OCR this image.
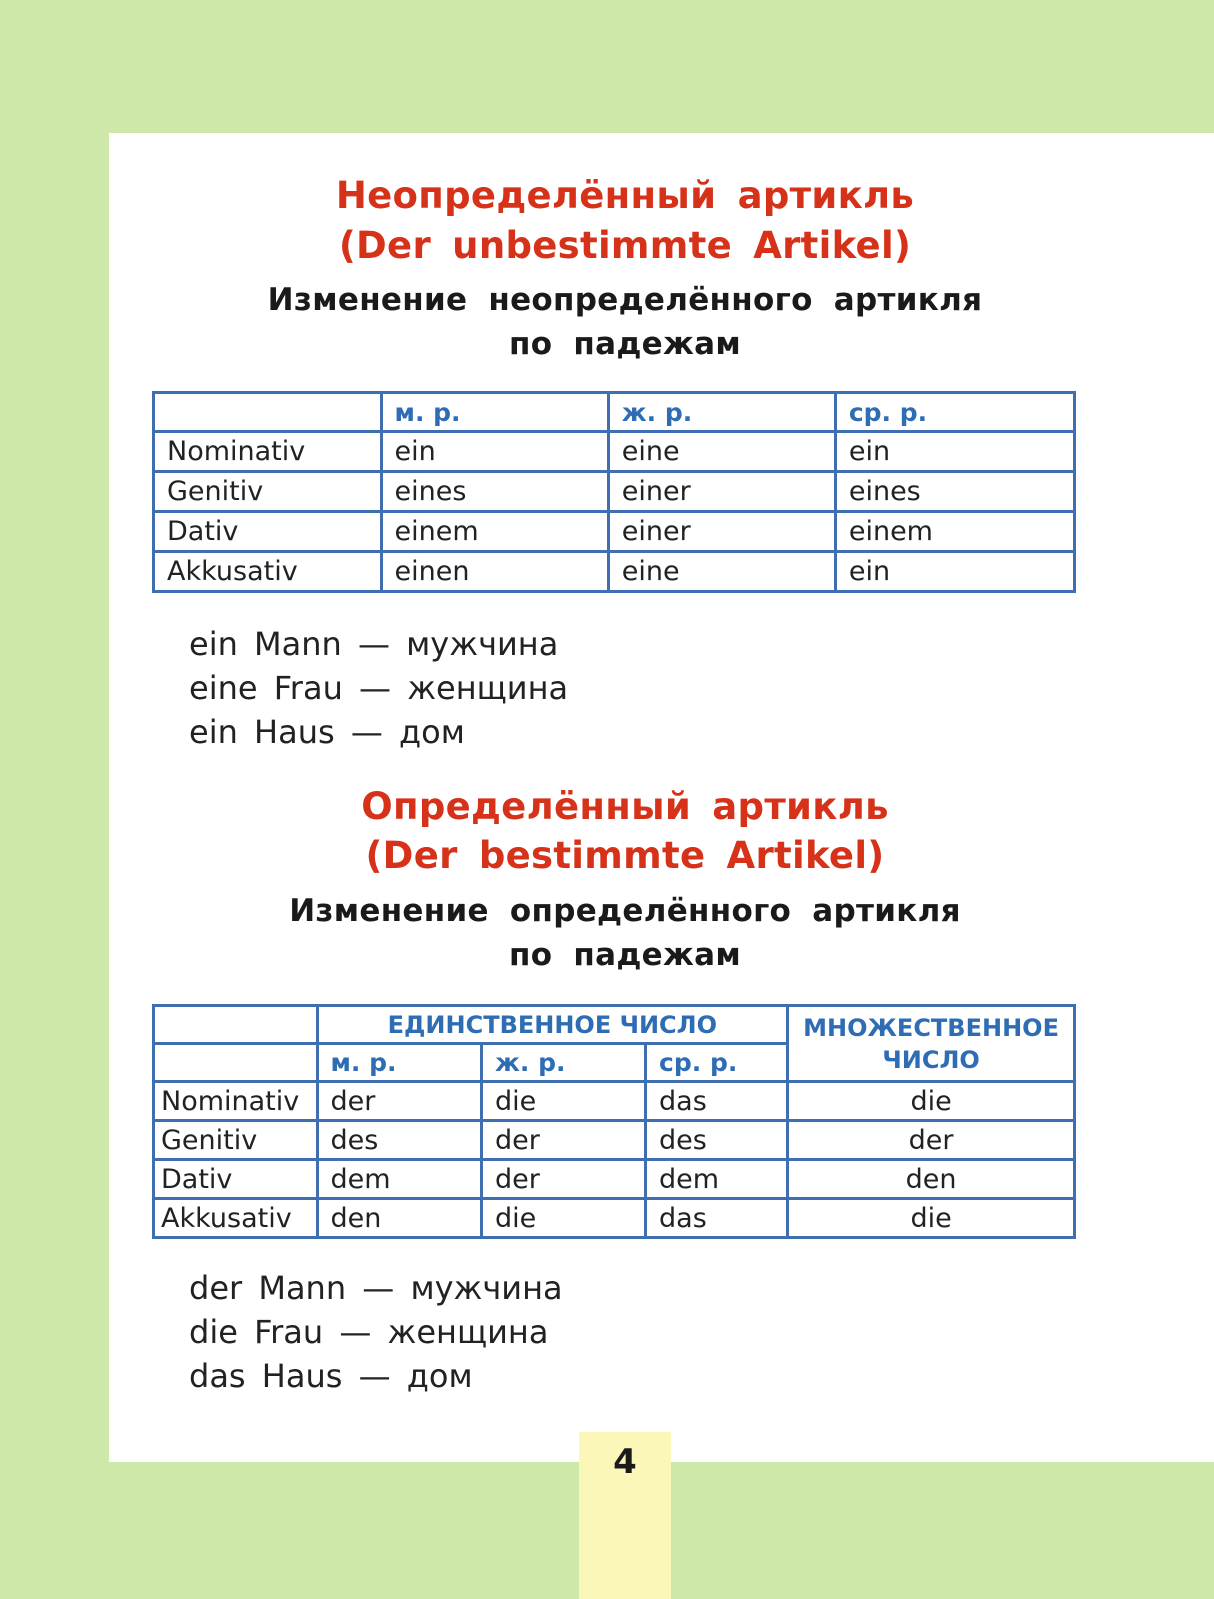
Неопределённый артикль
(Der unbestimmte Artikel)
Изменение неопределённого артикля
по падежам
	м. р.	ж. р.	ср. р.
Nominativ	ein	eine	ein
Genitiv	eines	einer	eines
Dativ	einem	einer	einem
Akkusativ	einen	eine	ein
ein Mann — мужчина
eine Frau — женщина
ein Haus — дом
Определённый артикль
(Der bestimmte Artikel)
Изменение определённого артикля
по падежам
	ЕДИНСТВЕННОЕ ЧИСЛО			МНОЖЕСТВЕННОЕ ЧИСЛО
	м. р.	ж. р.	ср. р.	
Nominativ	der	die	das	die
Genitiv	des	der	des	der
Dativ	dem	der	dem	den
Akkusativ	den	die	das	die
der Mann — мужчина
die Frau — женщина
das Haus — дом
4
